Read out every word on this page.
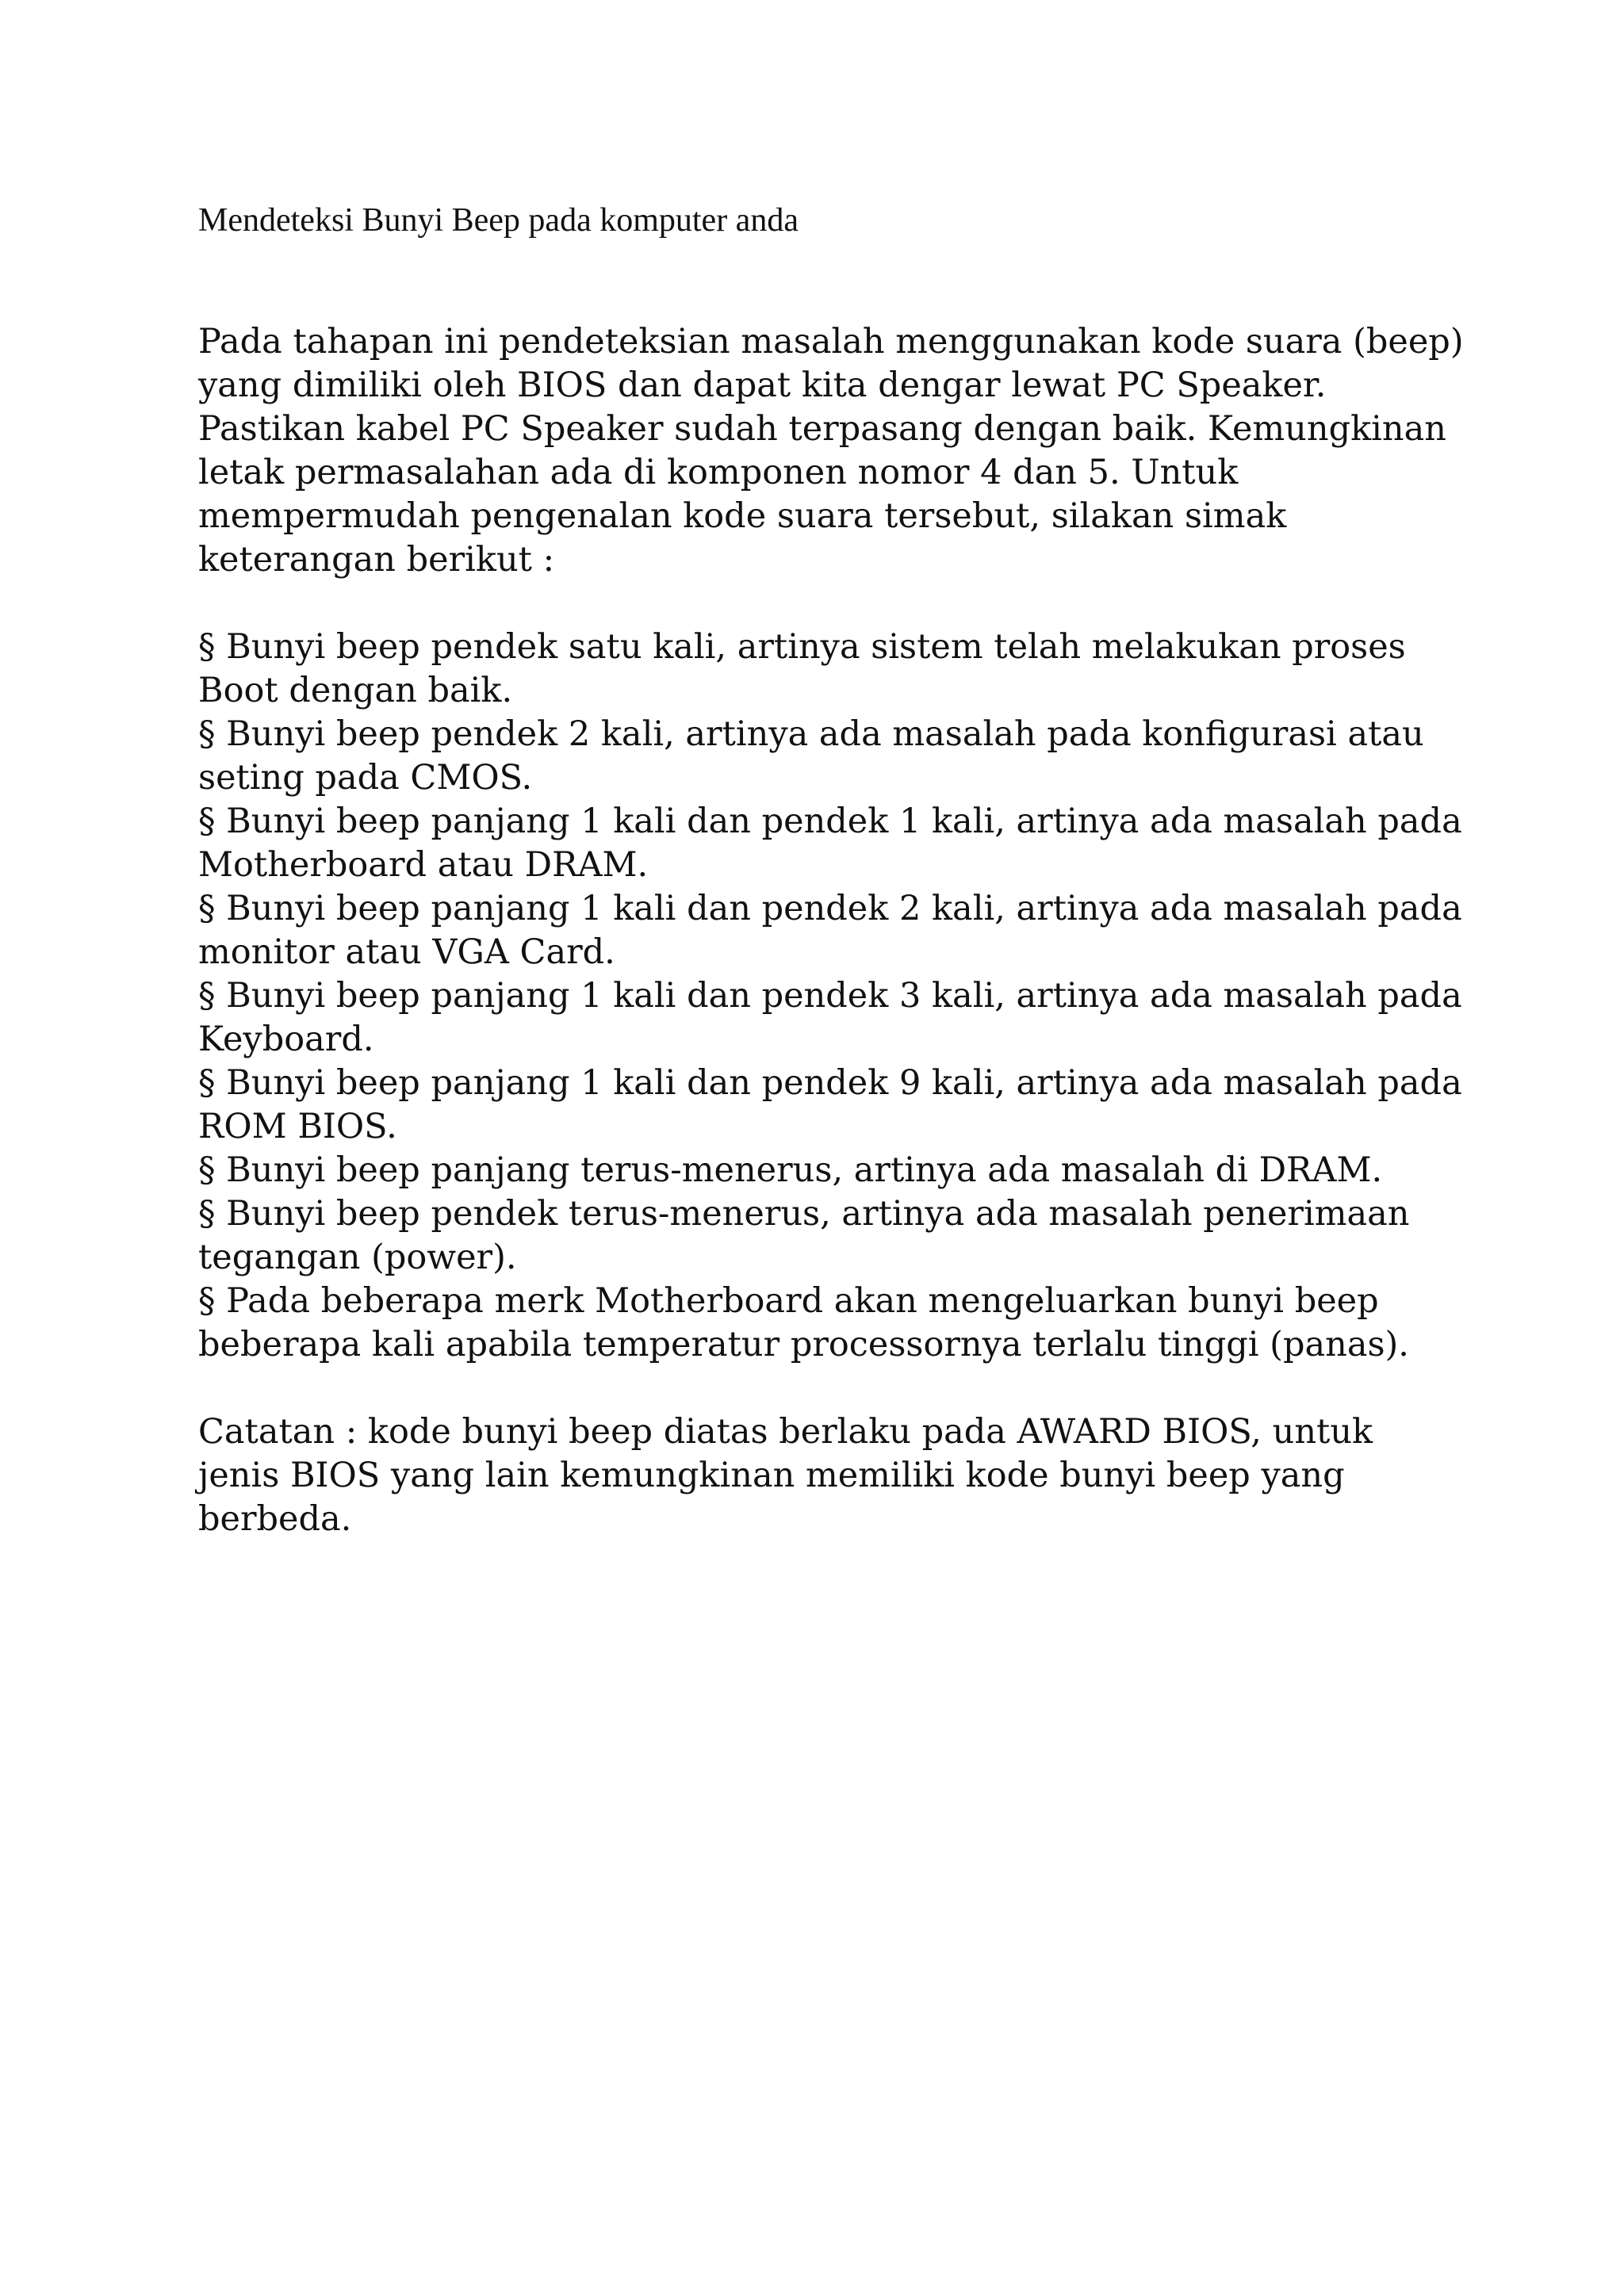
Mendeteksi Bunyi Beep pada komputer anda

Pada tahapan ini pendeteksian masalah menggunakan kode suara (beep)

yang dimiliki oleh BIOS dan dapat kita dengar lewat PC Speaker.

Pastikan kabel PC Speaker sudah terpasang dengan baik. Kemungkinan

letak permasalahan ada di komponen nomor 4 dan 5. Untuk

mempermudah pengenalan kode suara tersebut, silakan simak

keterangan berikut :

§ Bunyi beep pendek satu kali, artinya sistem telah melakukan proses

Boot dengan baik.

§ Bunyi beep pendek 2 kali, artinya ada masalah pada konfigurasi atau

seting pada CMOS.

§ Bunyi beep panjang 1 kali dan pendek 1 kali, artinya ada masalah pada

Motherboard atau DRAM.

§ Bunyi beep panjang 1 kali dan pendek 2 kali, artinya ada masalah pada

monitor atau VGA Card.

§ Bunyi beep panjang 1 kali dan pendek 3 kali, artinya ada masalah pada

Keyboard.

§ Bunyi beep panjang 1 kali dan pendek 9 kali, artinya ada masalah pada

ROM BIOS.

§ Bunyi beep panjang terus-menerus, artinya ada masalah di DRAM.

§ Bunyi beep pendek terus-menerus, artinya ada masalah penerimaan

tegangan (power).

§ Pada beberapa merk Motherboard akan mengeluarkan bunyi beep

beberapa kali apabila temperatur processornya terlalu tinggi (panas).

Catatan : kode bunyi beep diatas berlaku pada AWARD BIOS, untuk

jenis BIOS yang lain kemungkinan memiliki kode bunyi beep yang

berbeda.
